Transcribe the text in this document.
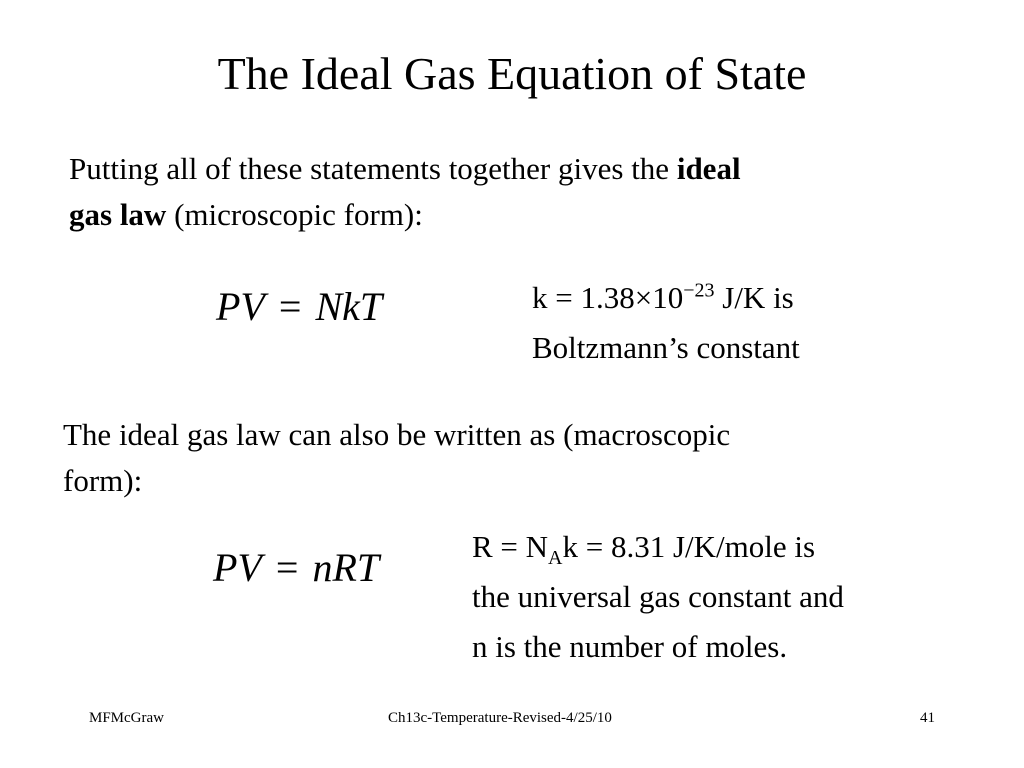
The Ideal Gas Equation of State
Putting all of these statements together gives the ideal
gas law (microscopic form):
PV = NkT	$k = 1.38\times 10^{-23}$ J/K is
Boltzmann’s constant
The ideal gas law can also be written as (macroscopic
form):
PV = nRT	$R = N_Ak = 8.31$ J/K/mole is
the universal gas constant and
n is the number of moles.
MFMcGraw	Ch13c-Temperature-Revised-4/25/10	41
